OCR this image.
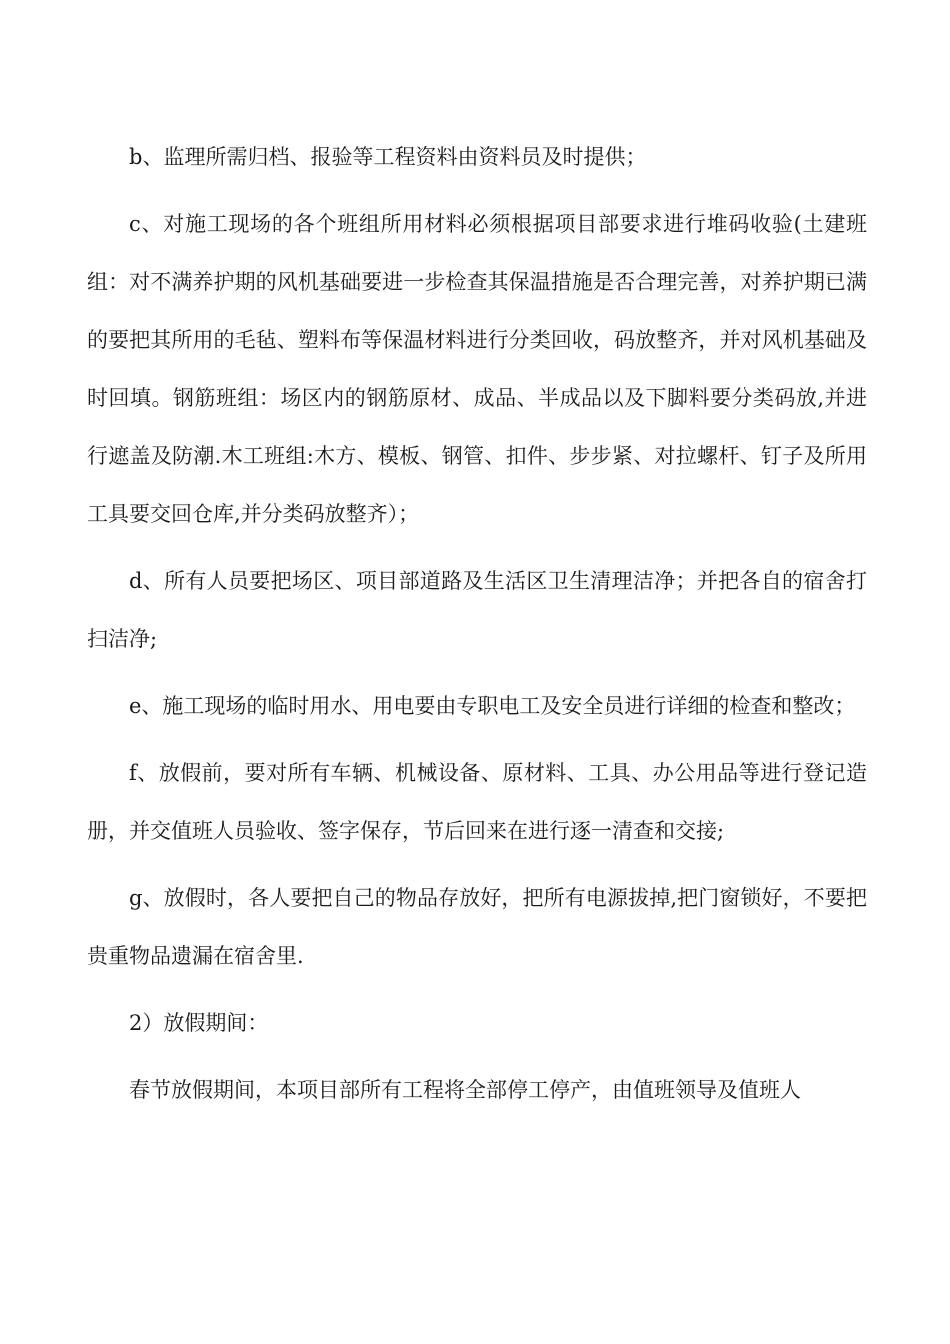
b、监理所需归档、报验等工程资料由资料员及时提供；

c、对施工现场的各个班组所用材料必须根据项目部要求进行堆码收验(土建班组：对不满养护期的风机基础要进一步检查其保温措施是否合理完善，对养护期已满的要把其所用的毛毡、塑料布等保温材料进行分类回收，码放整齐，并对风机基础及时回填。钢筋班组：场区内的钢筋原材、成品、半成品以及下脚料要分类码放,并进行遮盖及防潮.木工班组:木方、模板、钢管、扣件、步步紧、对拉螺杆、钉子及所用工具要交回仓库,并分类码放整齐）；

d、所有人员要把场区、项目部道路及生活区卫生清理洁净；并把各自的宿舍打扫洁净;

e、施工现场的临时用水、用电要由专职电工及安全员进行详细的检查和整改；

f、放假前，要对所有车辆、机械设备、原材料、工具、办公用品等进行登记造册，并交值班人员验收、签字保存，节后回来在进行逐一清查和交接;

g、放假时，各人要把自己的物品存放好，把所有电源拔掉,把门窗锁好，不要把贵重物品遗漏在宿舍里.

2）放假期间：

春节放假期间，本项目部所有工程将全部停工停产，由值班领导及值班人
